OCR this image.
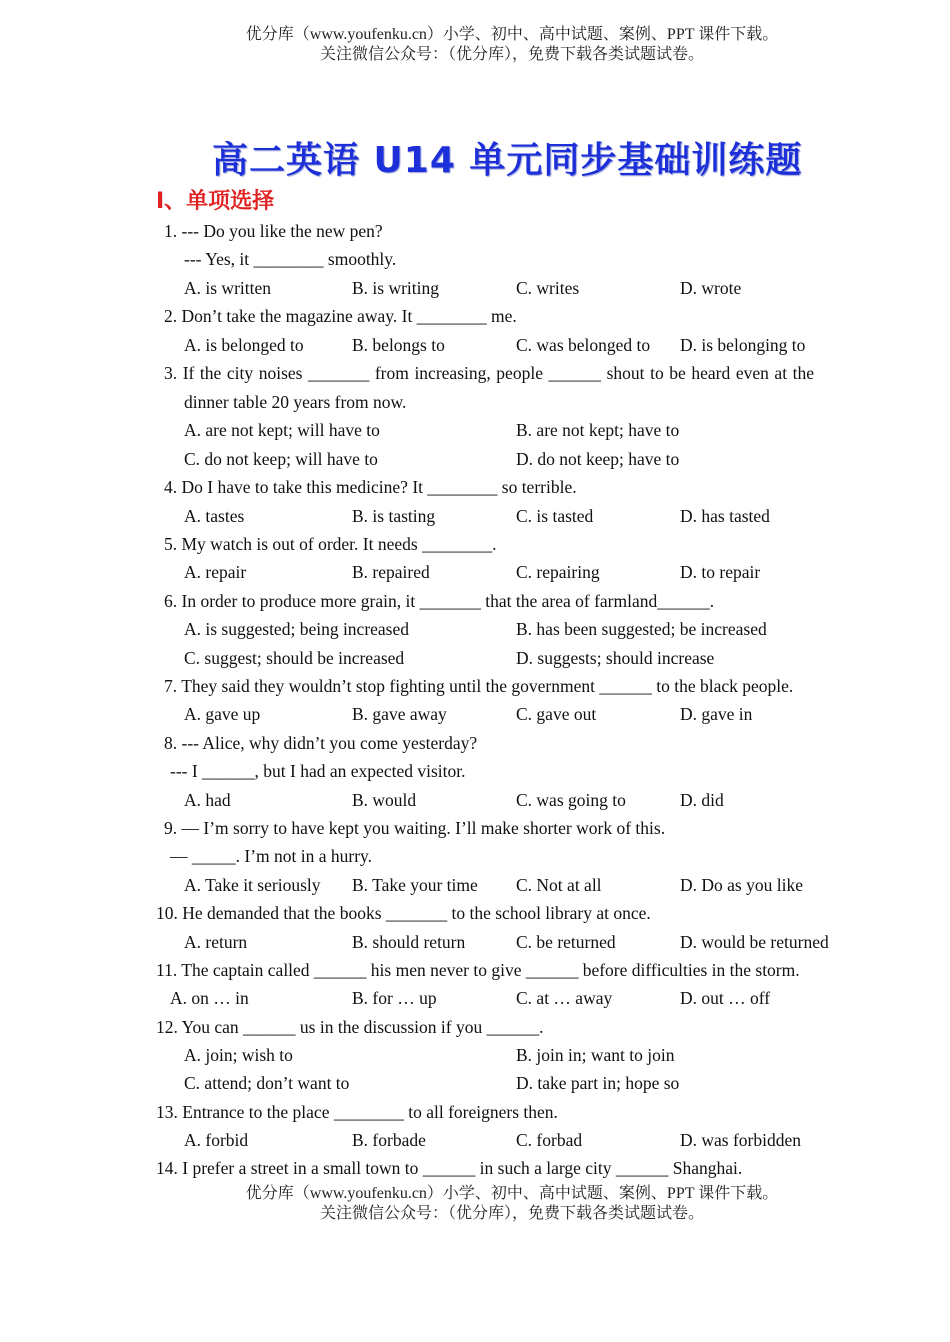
优分库（www.youfenku.cn）小学、初中、高中试题、案例、PPT 课件下载。
关注微信公众号：（优分库），免费下载各类试题试卷。
高二英语 U14 单元同步基础训练题
I、单项选择
1. --- Do you like the new pen?
--- Yes, it ________ smoothly.
A. is written	B. is writing	C. writes	D. wrote
2. Don’t take the magazine away. It ________ me.
A. is belonged to	B. belongs to	C. was belonged to D. is belonging to
3. If the city noises _______ from increasing, people ______ shout to be heard even at the
dinner table 20 years from now.
A. are not kept; will have to	B. are not kept; have to
C. do not keep; will have to	D. do not keep; have to
4. Do I have to take this medicine? It ________ so terrible.
A. tastes	B. is tasting	C. is tasted	D. has tasted
5. My watch is out of order. It needs ________.
A. repair	B. repaired	C. repairing	D. to repair
6. In order to produce more grain, it _______ that the area of farmland______.
A. is suggested; being increased	B. has been suggested; be increased
C. suggest; should be increased	D. suggests; should increase
7. They said they wouldn’t stop fighting until the government ______ to the black people.
A. gave up	B. gave away	C. gave out	D. gave in
8. --- Alice, why didn’t you come yesterday?
--- I ______, but I had an expected visitor.
A. had	B. would	C. was going to	D. did
9. — I’m sorry to have kept you waiting. I’ll make shorter work of this.
— _____. I’m not in a hurry.
A. Take it seriously B. Take your time C. Not at all	D. Do as you like
10. He demanded that the books _______ to the school library at once.
A. return	B. should return	C. be returned	D. would be returned
11. The captain called ______ his men never to give ______ before difficulties in the storm.
A. on … in	B. for … up	C. at … away	D. out … off
12. You can ______ us in the discussion if you ______.
A. join; wish to	B. join in; want to join
C. attend; don’t want to	D. take part in; hope so
13. Entrance to the place ________ to all foreigners then.
A. forbid	B. forbade	C. forbad	D. was forbidden
14. I prefer a street in a small town to ______ in such a large city ______ Shanghai.
优分库（www.youfenku.cn）小学、初中、高中试题、案例、PPT 课件下载。
关注微信公众号：（优分库），免费下载各类试题试卷。
